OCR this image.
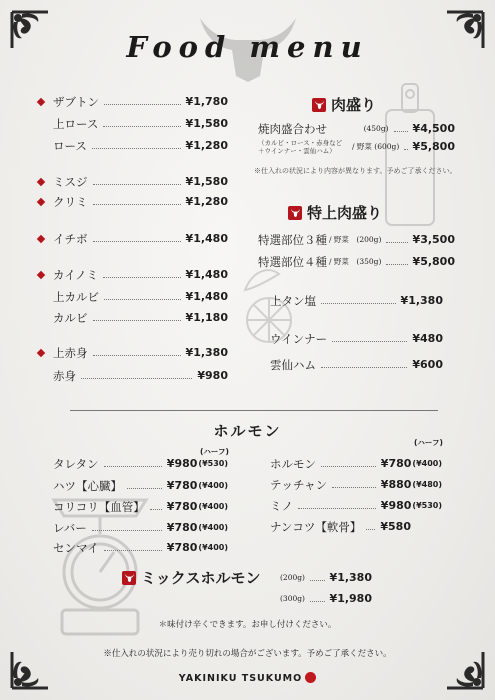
Food menu
ザブトン	¥1,780
上ロース	¥1,580
ロース	¥1,280
ミスジ	¥1,580
クリミ	¥1,280
イチボ	¥1,480
カイノミ	¥1,480
上カルビ	¥1,480
カルビ	¥1,180
上赤身	¥1,380
赤身	¥980
肉盛り
焼肉盛合わせ	(450g) ¥4,500
（カルビ・ロース・赤身など
＋ウインナー・雲仙ハム）	/ 野菜 (600g) ¥5,800
※仕入れの状況により内容が異なります。予めご了承ください。
特上肉盛り
特選部位３種 / 野菜　(200g)	¥3,500
特選部位４種 / 野菜　(350g)	¥5,800
上タン塩	¥1,380
ウインナー	¥480
雲仙ハム	¥600
ホルモン
(ハーフ)
(ハーフ)
タレタン	¥980 (¥530)
ハツ【心臓】	¥780 (¥400)
コリコリ【血管】 ¥780 (¥400)
レバー	¥780 (¥400)
センマイ	¥780 (¥400)
ホルモン	¥780 (¥400)
テッチャン	¥880 (¥480)
ミノ	¥980 (¥530)
ナンコツ【軟骨】 ¥580
ミックスホルモン	(200g) ¥1,380
(300g) ¥1,980
＊味付け辛くできます。お申し付けください。
※仕入れの状況により売り切れの場合がございます。予めご了承ください。
YAKINIKU TSUKUMO
